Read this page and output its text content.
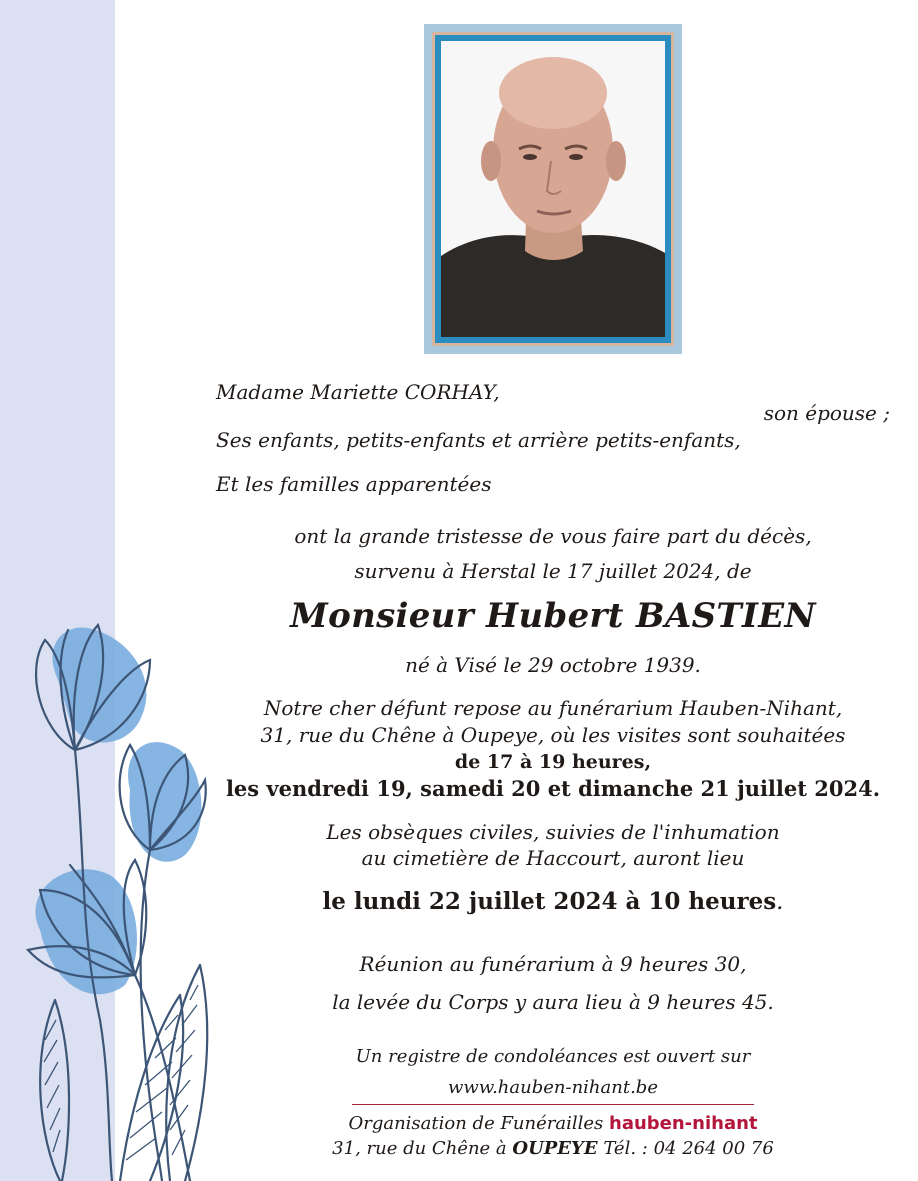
Madame Mariette CORHAY,
son épouse ;
Ses enfants, petits-enfants et arrière petits-enfants,
Et les familles apparentées
ont la grande tristesse de vous faire part du décès,
survenu à Herstal le 17 juillet 2024, de
Monsieur Hubert BASTIEN
né à Visé le 29 octobre 1939.
Notre cher défunt repose au funérarium Hauben-Nihant,
31, rue du Chêne à Oupeye, où les visites sont souhaitées
de 17 à 19 heures,
les vendredi 19, samedi 20 et dimanche 21 juillet 2024.
Les obsèques civiles, suivies de l'inhumation
au cimetière de Haccourt, auront lieu
le lundi 22 juillet 2024 à 10 heures.
Réunion au funérarium à 9 heures 30,
la levée du Corps y aura lieu à 9 heures 45.
Un registre de condoléances est ouvert sur
www.hauben-nihant.be
Organisation de Funérailles hauben-nihant
31, rue du Chêne à OUPEYE Tél. : 04 264 00 76
